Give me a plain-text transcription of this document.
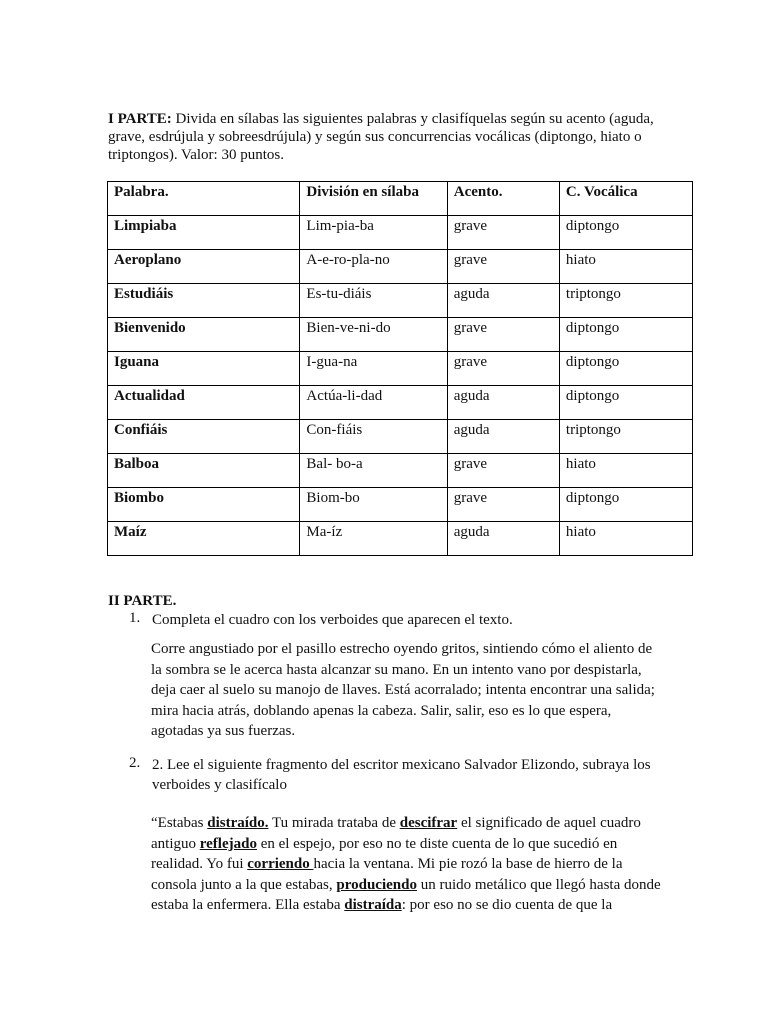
I PARTE: Divida en sílabas las siguientes palabras y clasifíquelas según su acento (aguda, grave, esdrújula y sobreesdrújula) y según sus concurrencias vocálicas (diptongo, hiato o triptongos). Valor: 30 puntos.
Palabra.	División en sílaba	Acento.	C. Vocálica

Limpiaba	Lim-pia-ba	grave	diptongo

Aeroplano	A-e-ro-pla-no	grave	hiato

Estudiáis	Es-tu-diáis	aguda	triptongo

Bienvenido	Bien-ve-ni-do	grave	diptongo

Iguana	I-gua-na	grave	diptongo

Actualidad	Actúa-li-dad	aguda	diptongo

Confiáis	Con-fiáis	aguda	triptongo

Balboa	Bal- bo-a	grave	hiato

Biombo	Biom-bo	grave	diptongo

Maíz	Ma-íz	aguda	hiato
II PARTE.
1. Completa el cuadro con los verboides que aparecen el texto.
Corre angustiado por el pasillo estrecho oyendo gritos, sintiendo cómo el aliento de la sombra se le acerca hasta alcanzar su mano. En un intento vano por despistarla, deja caer al suelo su manojo de llaves. Está acorralado; intenta encontrar una salida; mira hacia atrás, doblando apenas la cabeza. Salir, salir, eso es lo que espera, agotadas ya sus fuerzas.
2. 2. Lee el siguiente fragmento del escritor mexicano Salvador Elizondo, subraya los verboides y clasifícalo
“Estabas distraído. Tu mirada trataba de descifrar el significado de aquel cuadro antiguo reflejado en el espejo, por eso no te diste cuenta de lo que sucedió en realidad. Yo fui corriendo hacia la ventana. Mi pie rozó la base de hierro de la consola junto a la que estabas, produciendo un ruido metálico que llegó hasta donde estaba la enfermera. Ella estaba distraída: por eso no se dio cuenta de que la
